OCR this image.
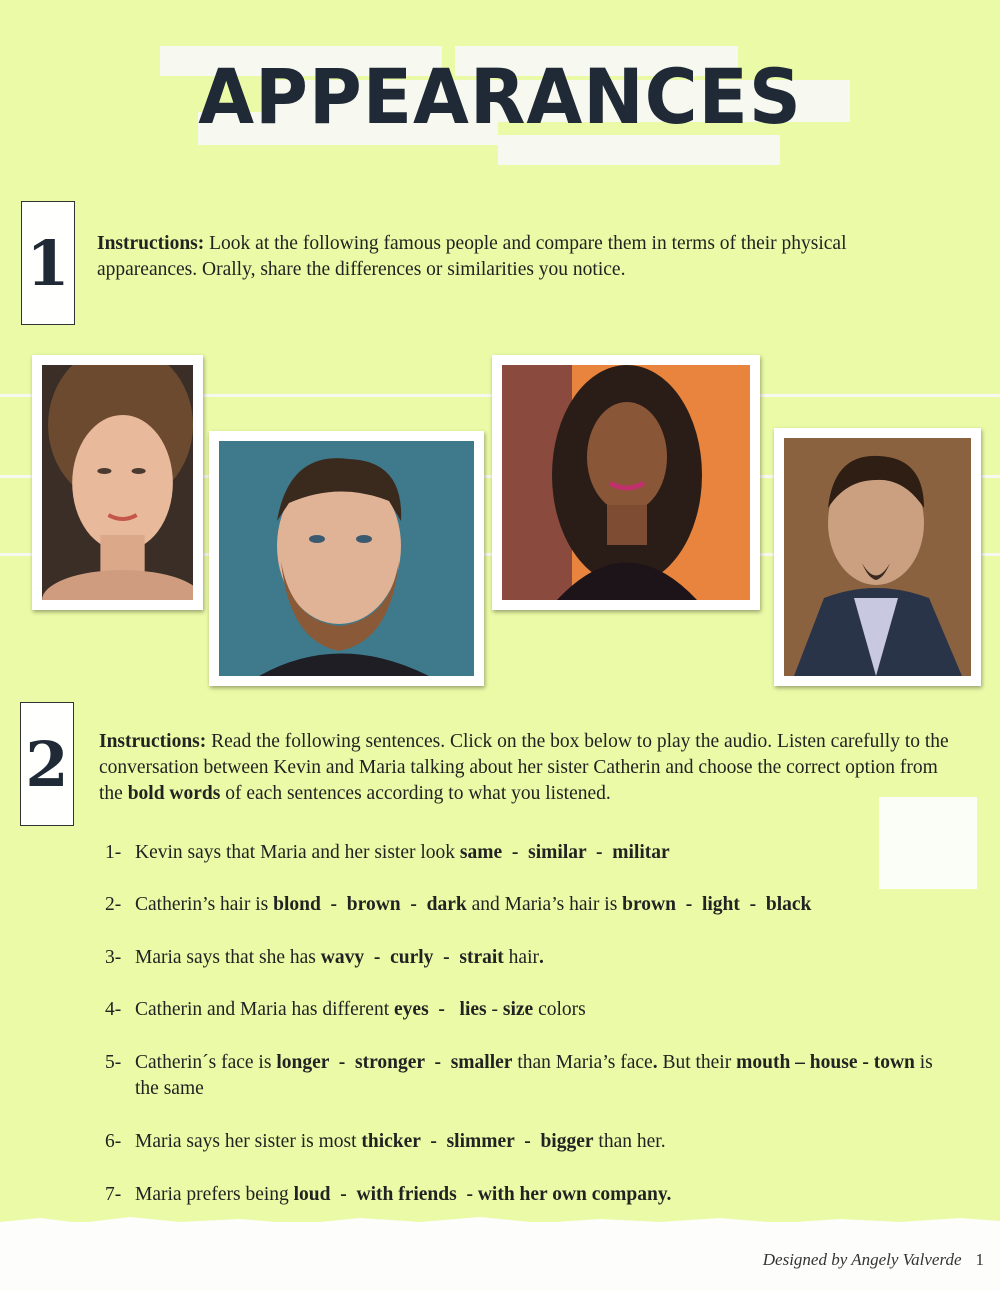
APPEARANCES
1 Instructions: Look at the following famous people and compare them in terms of their physical appareances. Orally, share the differences or similarities you notice.
2 Instructions: Read the following sentences. Click on the box below to play the audio. Listen carefully to the conversation between Kevin and Maria talking about her sister Catherin and choose the correct option from the bold words of each sentences according to what you listened.
1- Kevin says that Maria and her sister look same  -  similar  -  militar
2- Catherin’s hair is blond  -  brown  -  dark and Maria’s hair is brown  -  light  -  black
3- Maria says that she has wavy  -  curly  -  strait hair.
4- Catherin and Maria has different eyes  -   lies - size colors
5- Catherin´s face is longer  -  stronger  -  smaller than Maria’s face. But their mouth – house - town is the same
6- Maria says her sister is most thicker  -  slimmer  -  bigger than her.
7- Maria prefers being loud  -  with friends  - with her own company.
Designed by Angely Valverde 1
